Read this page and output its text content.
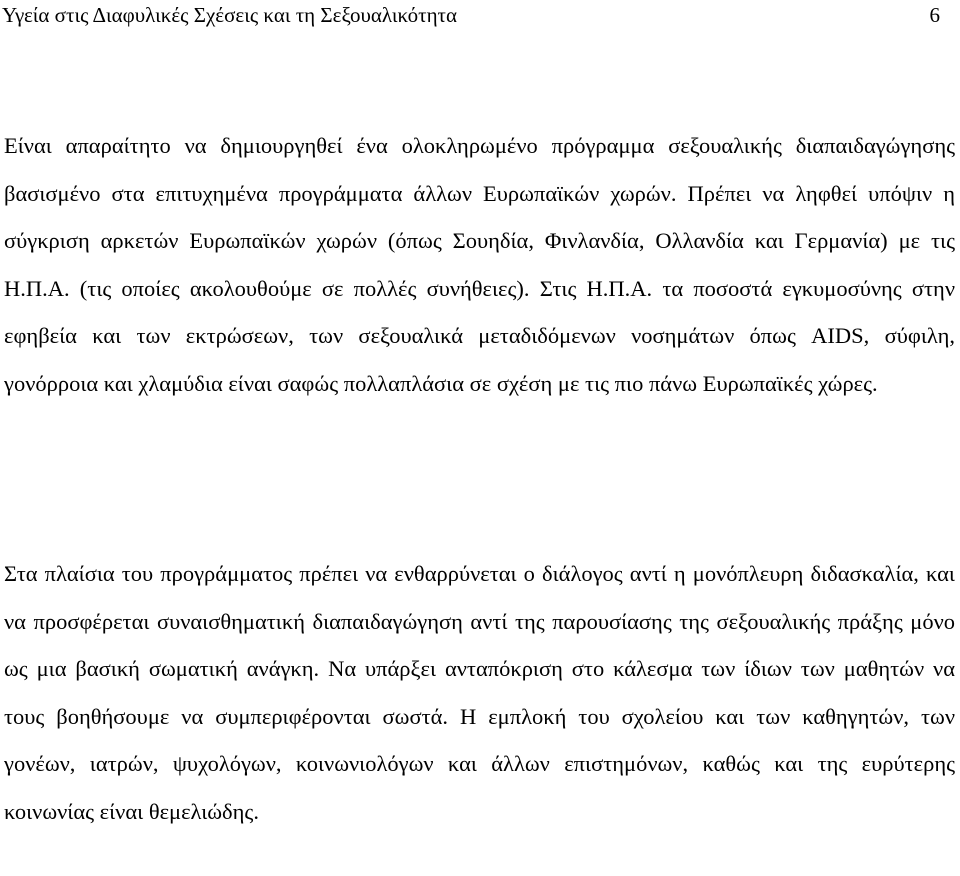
Υγεία στις Διαφυλικές Σχέσεις και τη Σεξουαλικότητα	6

Είναι απαραίτητο να δημιουργηθεί ένα ολοκληρωμένο πρόγραμμα σεξουαλικής διαπαιδαγώγησης βασισμένο στα επιτυχημένα προγράμματα άλλων Ευρωπαϊκών χωρών. Πρέπει να ληφθεί υπόψιν η σύγκριση αρκετών Ευρωπαϊκών χωρών (όπως Σουηδία, Φινλανδία, Ολλανδία και Γερμανία) με τις Η.Π.Α. (τις οποίες ακολουθούμε σε πολλές συνήθειες). Στις Η.Π.Α. τα ποσοστά εγκυμοσύνης στην εφηβεία και των εκτρώσεων, των σεξουαλικά μεταδιδόμενων νοσημάτων όπως AIDS, σύφιλη, γονόρροια και χλαμύδια είναι σαφώς πολλαπλάσια σε σχέση με τις πιο πάνω Ευρωπαϊκές χώρες.

Στα πλαίσια του προγράμματος πρέπει να ενθαρρύνεται ο διάλογος αντί η μονόπλευρη διδασκαλία, και να προσφέρεται συναισθηματική διαπαιδαγώγηση αντί της παρουσίασης της σεξουαλικής πράξης μόνο ως μια βασική σωματική ανάγκη. Να υπάρξει ανταπόκριση στο κάλεσμα των ίδιων των μαθητών να τους βοηθήσουμε να συμπεριφέρονται σωστά. Η εμπλοκή του σχολείου και των καθηγητών, των γονέων, ιατρών, ψυχολόγων, κοινωνιολόγων και άλλων επιστημόνων, καθώς και της ευρύτερης κοινωνίας είναι θεμελιώδης.
